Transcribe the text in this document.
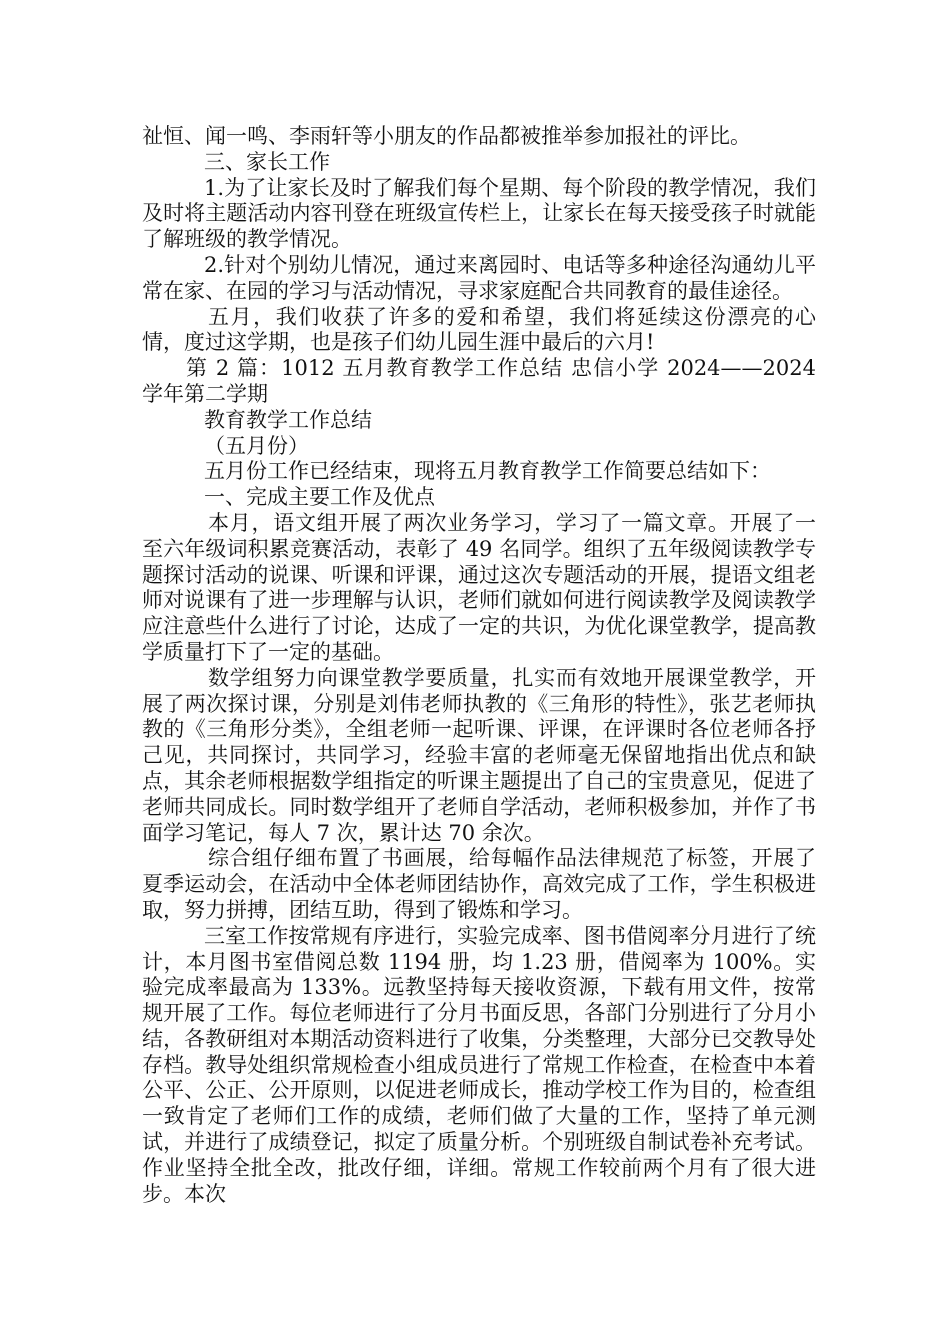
祉恒、闻一鸣、李雨轩等小朋友的作品都被推举参加报社的评比。

三、家长工作

1.为了让家长及时了解我们每个星期、每个阶段的教学情况，我们及时将主题活动内容刊登在班级宣传栏上，让家长在每天接受孩子时就能了解班级的教学情况。

2.针对个别幼儿情况，通过来离园时、电话等多种途径沟通幼儿平常在家、在园的学习与活动情况，寻求家庭配合共同教育的最佳途径。

五月，我们收获了许多的爱和希望，我们将延续这份漂亮的心情，度过这学期，也是孩子们幼儿园生涯中最后的六月!

第 2 篇：1012 五月教育教学工作总结 忠信小学 2024——2024 学年第二学期

教育教学工作总结

（五月份）

五月份工作已经结束，现将五月教育教学工作简要总结如下：

一、完成主要工作及优点

本月，语文组开展了两次业务学习，学习了一篇文章。开展了一至六年级词积累竞赛活动，表彰了 49 名同学。组织了五年级阅读教学专题探讨活动的说课、听课和评课，通过这次专题活动的开展，提语文组老师对说课有了进一步理解与认识，老师们就如何进行阅读教学及阅读教学应注意些什么进行了讨论，达成了一定的共识，为优化课堂教学，提高教学质量打下了一定的基础。

数学组努力向课堂教学要质量，扎实而有效地开展课堂教学，开展了两次探讨课，分别是刘伟老师执教的《三角形的特性》，张艺老师执教的《三角形分类》，全组老师一起听课、评课，在评课时各位老师各抒己见，共同探讨，共同学习，经验丰富的老师毫无保留地指出优点和缺点，其余老师根据数学组指定的听课主题提出了自己的宝贵意见，促进了老师共同成长。同时数学组开了老师自学活动，老师积极参加，并作了书面学习笔记，每人 7 次，累计达 70 余次。

综合组仔细布置了书画展，给每幅作品法律规范了标签，开展了夏季运动会，在活动中全体老师团结协作，高效完成了工作，学生积极进取，努力拼搏，团结互助，得到了锻炼和学习。

三室工作按常规有序进行，实验完成率、图书借阅率分月进行了统计，本月图书室借阅总数 1194 册，均 1.23 册，借阅率为 100%。实验完成率最高为 133%。远教坚持每天接收资源，下载有用文件，按常规开展了工作。每位老师进行了分月书面反思，各部门分别进行了分月小结，各教研组对本期活动资料进行了收集，分类整理，大部分已交教导处存档。教导处组织常规检查小组成员进行了常规工作检查，在检查中本着公平、公正、公开原则，以促进老师成长，推动学校工作为目的，检查组一致肯定了老师们工作的成绩，老师们做了大量的工作，坚持了单元测试，并进行了成绩登记，拟定了质量分析。个别班级自制试卷补充考试。作业坚持全批全改，批改仔细，详细。常规工作较前两个月有了很大进步。本次
